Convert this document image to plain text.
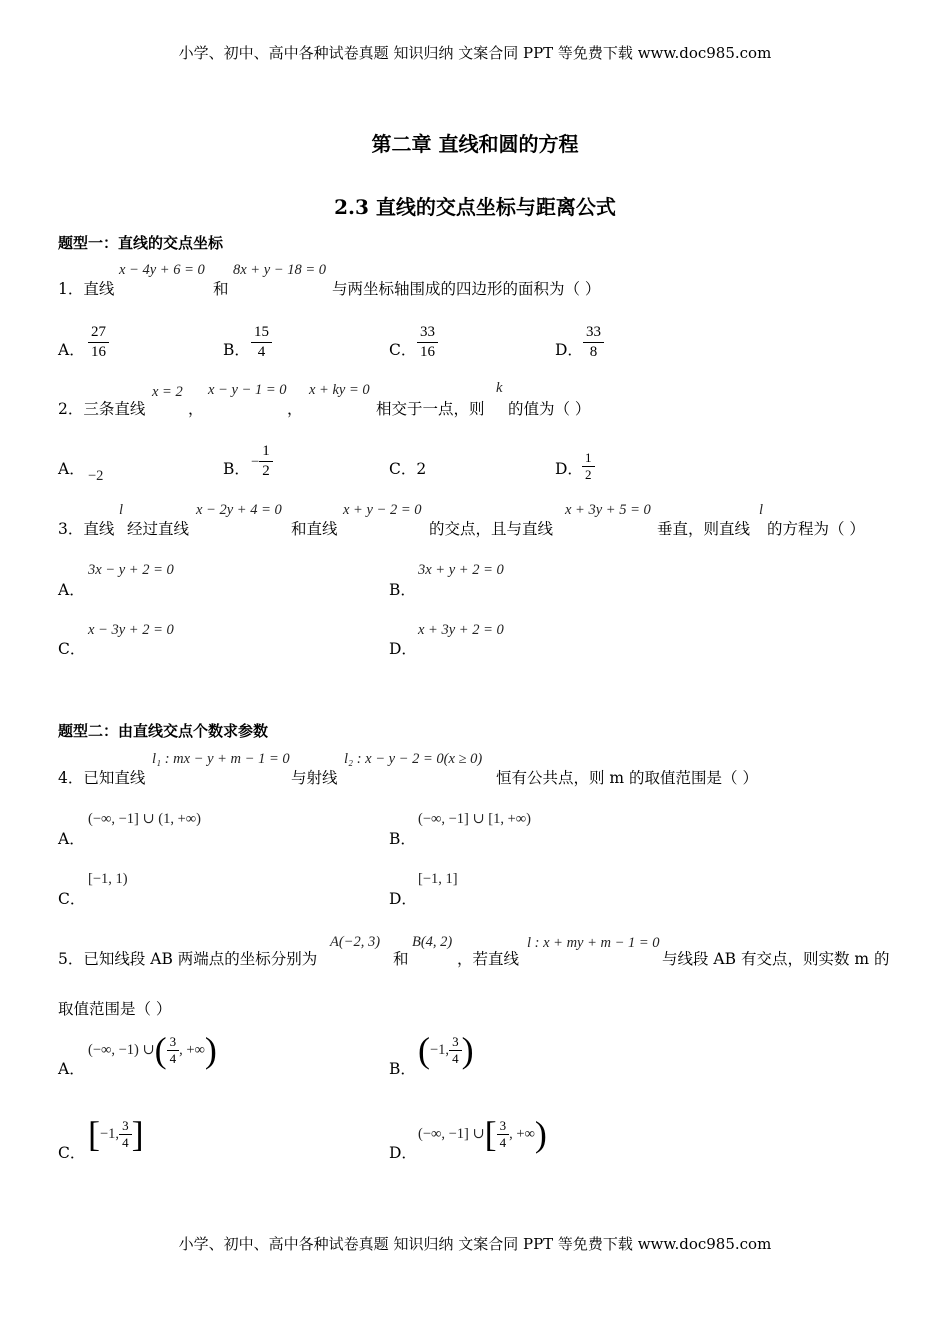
小学、初中、高中各种试卷真题 知识归纳 文案合同 PPT 等免费下载 www.doc985.com
第二章 直线和圆的方程
2.3 直线的交点坐标与距离公式
题型一：直线的交点坐标
1．直线
x − 4y + 6 = 0
和
8x + y − 18 = 0
与两坐标轴围成的四边形的面积为（ ）
A． $\frac{27}{16}$	B． $\frac{15}{4}$	C． $\frac{33}{16}$	D． $\frac{33}{8}$
2．三条直线
x = 2
，
x − y − 1 = 0
，
x + ky = 0
相交于一点，则
k
的值为（ ）
A． −2	B． − $\frac{1}{2}$	C．2	D． $\frac{1}{2}$
3．直线
l
经过直线
x − 2y + 4 = 0
和直线
x + y − 2 = 0
的交点，且与直线
x + 3y + 5 = 0
垂直，则直线
l
的方程为（ ）
A．
3x − y + 2 = 0
B．
3x + y + 2 = 0
C．
x − 3y + 2 = 0
D．
x + 3y + 2 = 0
题型二：由直线交点个数求参数
4．已知直线
l₁ : mx − y + m − 1 = 0
与射线
l₂ : x − y − 2 = 0(x ≥ 0)
恒有公共点，则 m 的取值范围是（ ）
A．
(−∞, −1] ∪ (1, +∞)
B．
(−∞, −1] ∪ [1, +∞)
C．
[−1, 1)
D．
[−1, 1]
5．已知线段 AB 两端点的坐标分别为
A(−2, 3)
和
B(4, 2)
，若直线
l : x + my + m − 1 = 0
与线段 AB 有交点，则实数 m 的
取值范围是（ ）
A．
(−∞, −1) ∪ ( $\frac{3}{4}$ , +∞ )	B． ( −1, $\frac{3}{4}$ )
C． [ −1, $\frac{3}{4}$ ]	D．
(−∞, −1] ∪ [ $\frac{3}{4}$ , +∞ )
小学、初中、高中各种试卷真题 知识归纳 文案合同 PPT 等免费下载 www.doc985.com
